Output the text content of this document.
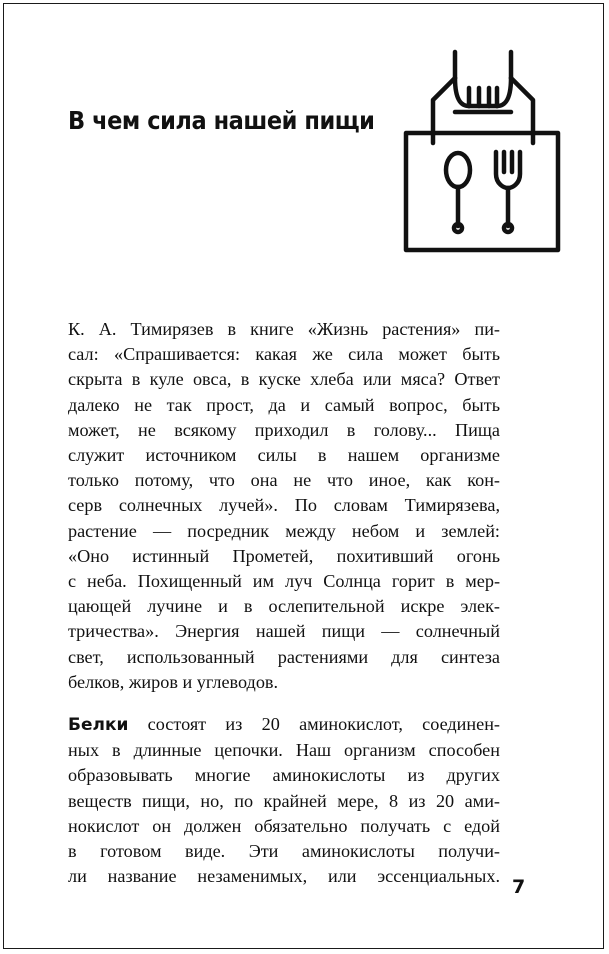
В чем сила нашей пищи
К. А. Тимирязев в книге «Жизнь растения» пи-
сал: «Спрашивается: какая же сила может быть
скрыта в куле овса, в куске хлеба или мяса? Ответ
далеко не так прост, да и самый вопрос, быть
может, не всякому приходил в голову... Пища
служит источником силы в нашем организме
только потому, что она не что иное, как кон-
серв солнечных лучей». По словам Тимирязева,
растение — посредник между небом и землей:
«Оно истинный Прометей, похитивший огонь
с неба. Похищенный им луч Солнца горит в мер-
цающей лучине и в ослепительной искре элек-
тричества». Энергия нашей пищи — солнечный
свет, использованный растениями для синтеза
белков, жиров и углеводов.
Белки состоят из 20 аминокислот, соединен-
ных в длинные цепочки. Наш организм способен
образовывать многие аминокислоты из других
веществ пищи, но, по крайней мере, 8 из 20 ами-
нокислот он должен обязательно получать с едой
в готовом виде. Эти аминокислоты получи-
ли название незаменимых, или эссенциальных. 7
